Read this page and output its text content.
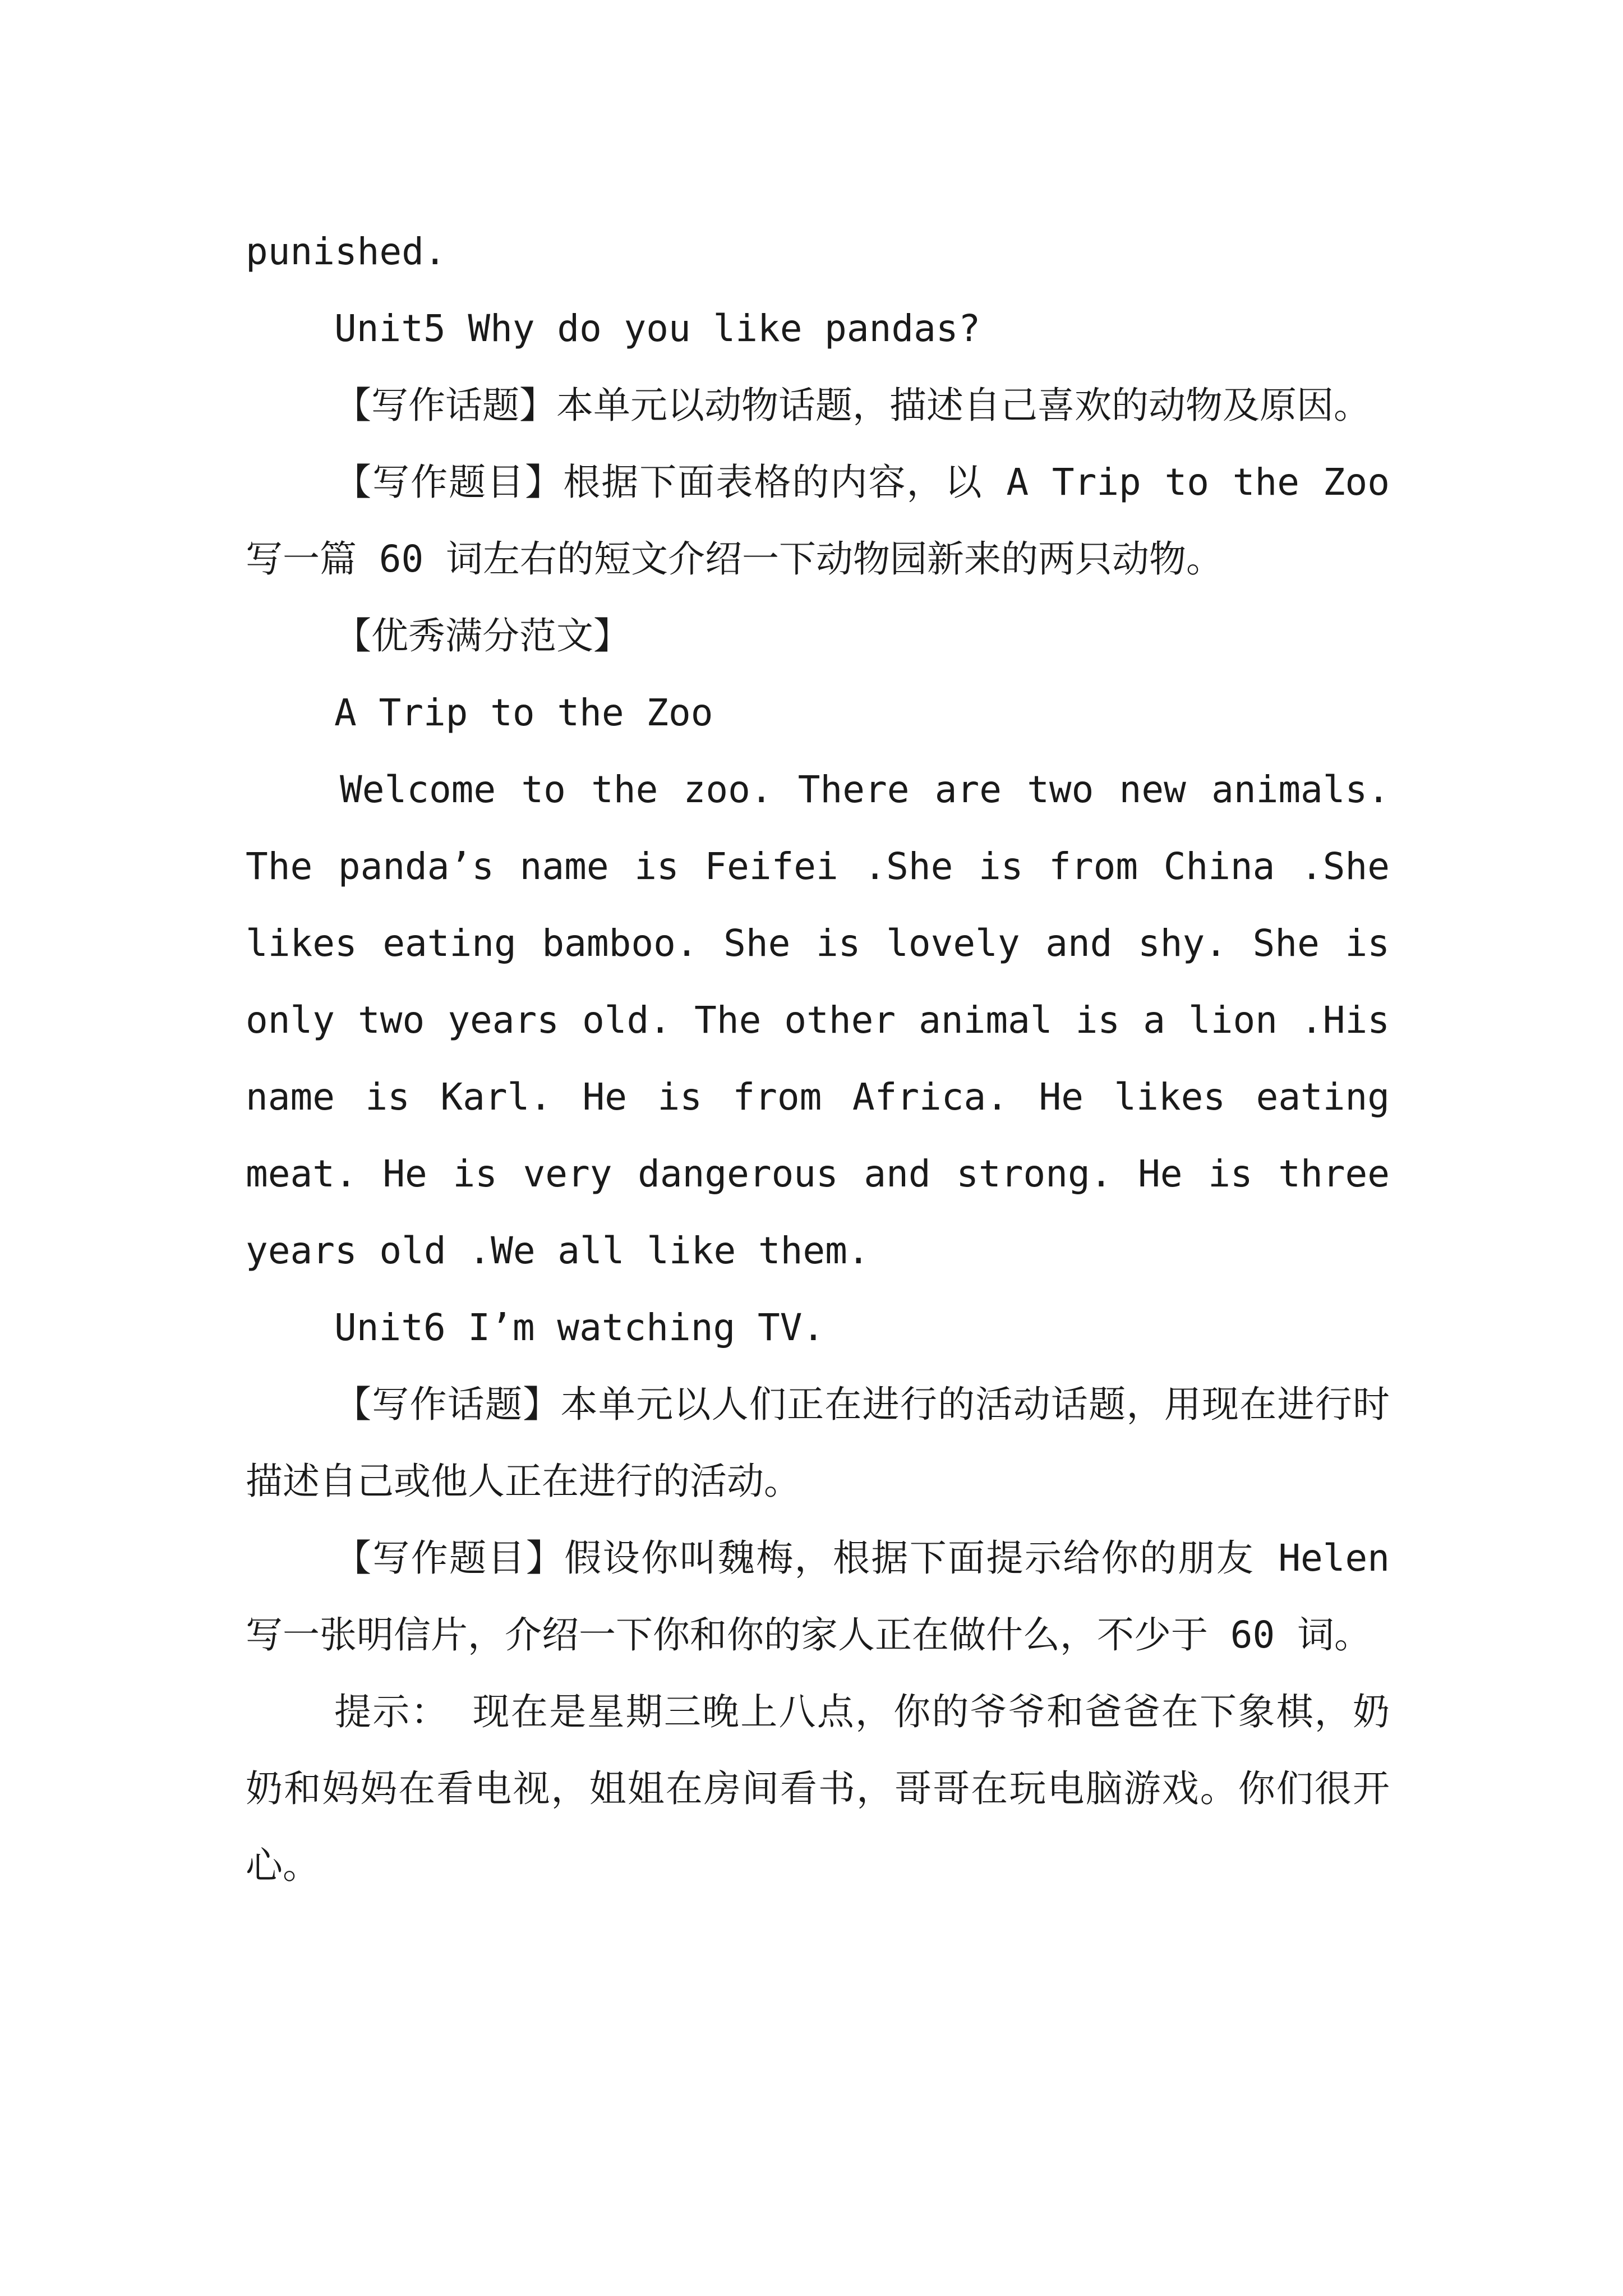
punished.

Unit5 Why do you like pandas?

【写作话题】本单元以动物话题，描述自己喜欢的动物及原因。

【写作题目】根据下面表格的内容，以 A Trip to the Zoo 写一篇 60 词左右的短文介绍一下动物园新来的两只动物。

【优秀满分范文】

A Trip to the Zoo

Welcome to the zoo. There are two new animals. The panda’s name is Feifei .She is from China .She likes eating bamboo. She is lovely and shy. She is only two years old. The other animal is a lion .His name is Karl. He is from Africa. He likes eating meat. He is very dangerous and strong. He is three years old .We all like them.

Unit6 I’m watching TV.

【写作话题】本单元以人们正在进行的活动话题，用现在进行时描述自己或他人正在进行的活动。

【写作题目】假设你叫魏梅，根据下面提示给你的朋友 Helen 写一张明信片，介绍一下你和你的家人正在做什么，不少于 60 词。

提示： 现在是星期三晚上八点，你的爷爷和爸爸在下象棋，奶奶和妈妈在看电视，姐姐在房间看书，哥哥在玩电脑游戏。你们很开心。
